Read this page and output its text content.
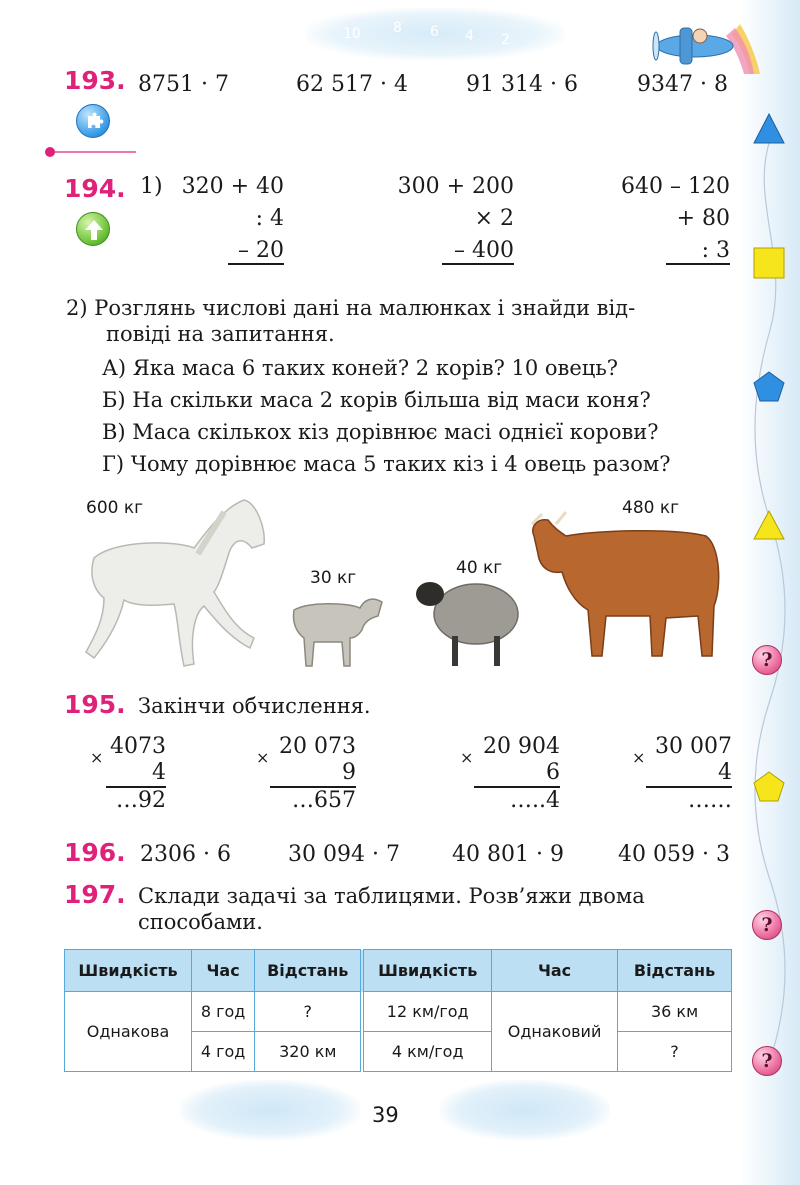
?
?
?
10 8 6 4 2
193. 8751 · 7	62 517 · 4	91 314 · 6	9347 · 8
194. 1) 320 + 40
: 4
– 20
300 + 200
× 2
– 400
640 – 120
+ 80
: 3
2) Розглянь числові дані на малюнках і знайди від-
повіді на запитання.
А) Яка маса 6 таких коней? 2 корів? 10 овець?
Б) На скільки маса 2 корів більша від маси коня?
В) Маса скількох кіз дорівнює масі однієї корови?
Г) Чому дорівнює маса 5 таких кіз і 4 овець разом?
600 кг
30 кг	40 кг
480 кг
195. Закінчи обчислення.
× 4073
4
…92
× 20 073
9
…657
× 20 904
6
…..4
× 30 007
4
……
196. 2306 · 6	30 094 · 7 40 801 · 9 40 059 · 3
197. Склади задачі за таблицями. Розв’яжи двома
способами.
Швидкість	Час	Відстань	Швидкість	Час	Відстань
Однакова	8 год	?	12 км/год	Однаковий	36 км
	4 год	320 км	4 км/год		?
39
